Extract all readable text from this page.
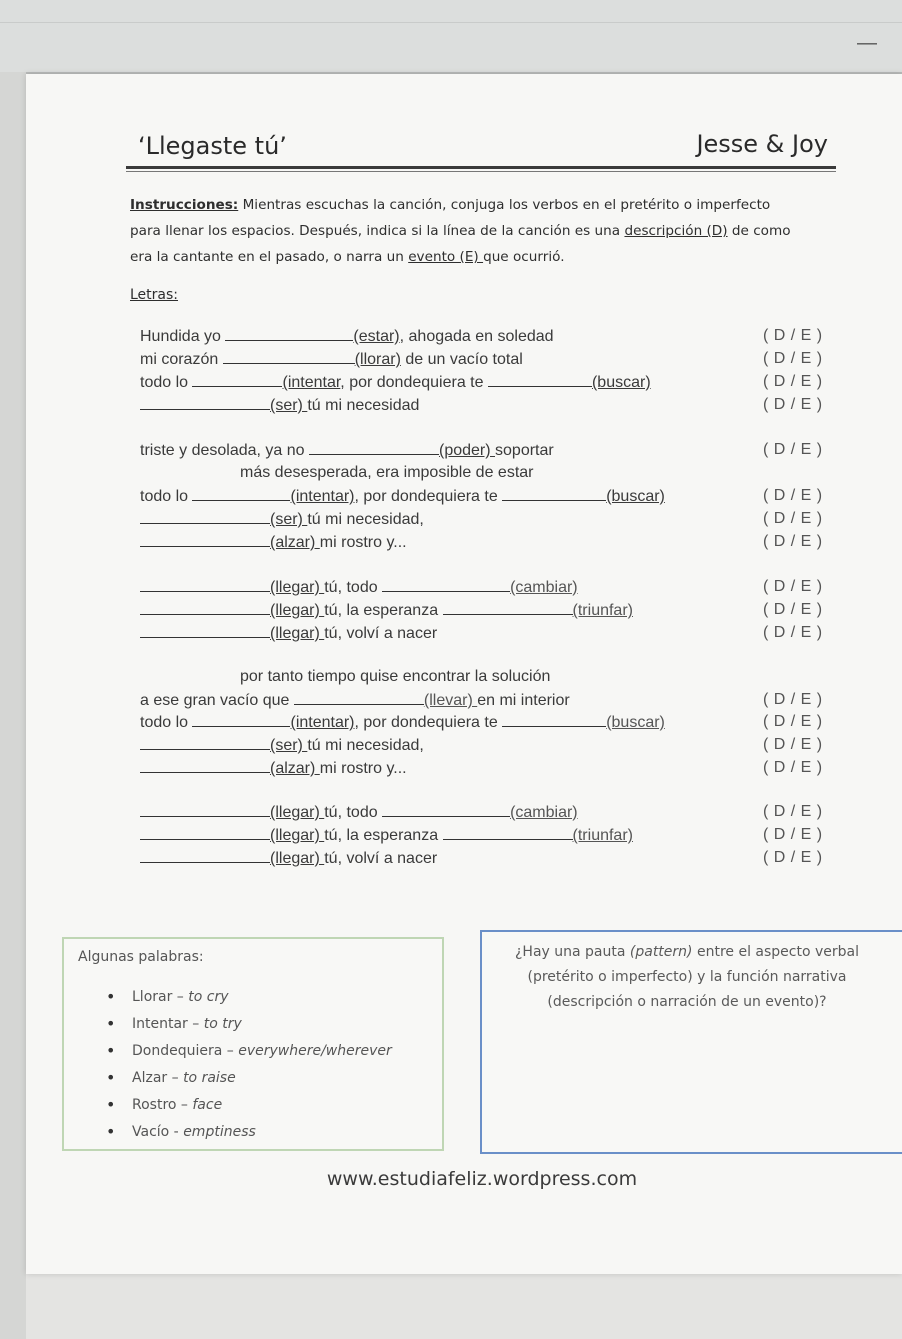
—
‘Llegaste tú’	Jesse & Joy
Instrucciones: Mientras escuchas la canción, conjuga los verbos en el pretérito o imperfecto
para llenar los espacios. Después, indica si la línea de la canción es una descripción (D) de como
era la cantante en el pasado, o narra un evento (E) que ocurrió.
Letras:
Hundida yo	(estar), ahogada en soledad	( D / E )
mi corazón	(llorar) de un vacío total	( D / E )
todo lo	(intentar, por dondequiera te	(buscar)	( D / E )
(ser) tú mi necesidad	( D / E )
triste y desolada, ya no	(poder) soportar	( D / E )
más desesperada, era imposible de estar
todo lo	(intentar), por dondequiera te	(buscar)	( D / E )
(ser) tú mi necesidad,	( D / E )
(alzar) mi rostro y...	( D / E )
(llegar) tú, todo	(cambiar)	( D / E )
(llegar) tú, la esperanza	(triunfar)	( D / E )
(llegar) tú, volví a nacer	( D / E )
por tanto tiempo quise encontrar la solución
a ese gran vacío que	(llevar) en mi interior	( D / E )
todo lo	(intentar), por dondequiera te	(buscar)	( D / E )
(ser) tú mi necesidad,	( D / E )
(alzar) mi rostro y...	( D / E )
(llegar) tú, todo	(cambiar)	( D / E )
(llegar) tú, la esperanza	(triunfar)	( D / E )
(llegar) tú, volví a nacer	( D / E )
Algunas palabras:
• Llorar – to cry
• Intentar – to try
• Dondequiera – everywhere/wherever
• Alzar – to raise
• Rostro – face
• Vacío - emptiness
¿Hay una pauta (pattern) entre el aspecto verbal
(pretérito o imperfecto) y la función narrativa
(descripción o narración de un evento)?
www.estudiafeliz.wordpress.com
